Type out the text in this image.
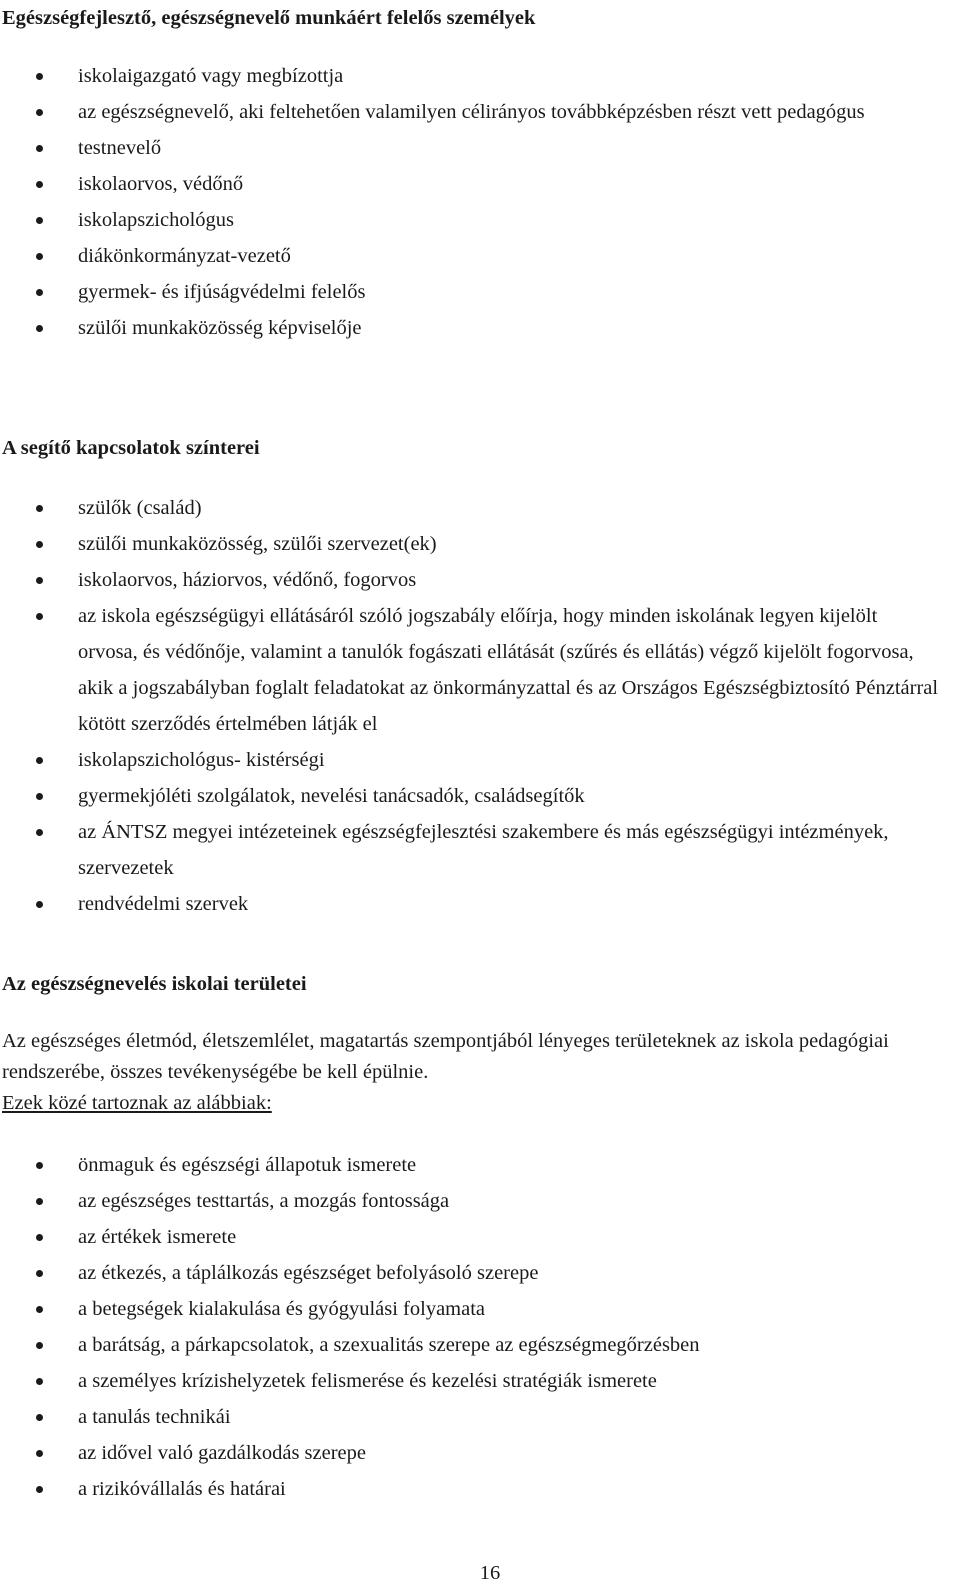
Egészségfejlesztő, egészségnevelő munkáért felelős személyek
iskolaigazgató vagy megbízottja
az egészségnevelő, aki feltehetően valamilyen célirányos továbbképzésben részt vett pedagógus
testnevelő
iskolaorvos, védőnő
iskolapszichológus
diákönkormányzat-vezető
gyermek- és ifjúságvédelmi felelős
szülői munkaközösség képviselője
A segítő kapcsolatok színterei
szülők (család)
szülői munkaközösség, szülői szervezet(ek)
iskolaorvos, háziorvos, védőnő, fogorvos
az iskola egészségügyi ellátásáról szóló jogszabály előírja, hogy minden iskolának legyen kijelölt orvosa, és védőnője, valamint a tanulók fogászati ellátását (szűrés és ellátás) végző kijelölt fogorvosa, akik a jogszabályban foglalt feladatokat az önkormányzattal és az Országos Egészségbiztosító Pénztárral kötött szerződés értelmében látják el
iskolapszichológus- kistérségi
gyermekjóléti szolgálatok, nevelési tanácsadók, családsegítők
az ÁNTSZ megyei intézeteinek egészségfejlesztési szakembere és más egészségügyi intézmények, szervezetek
rendvédelmi szervek
Az egészségnevelés iskolai területei
Az egészséges életmód, életszemlélet, magatartás szempontjából lényeges területeknek az iskola pedagógiai rendszerébe, összes tevékenységébe be kell épülnie.
Ezek közé tartoznak az alábbiak:
önmaguk és egészségi állapotuk ismerete
az egészséges testtartás, a mozgás fontossága
az értékek ismerete
az étkezés, a táplálkozás egészséget befolyásoló szerepe
a betegségek kialakulása és gyógyulási folyamata
a barátság, a párkapcsolatok, a szexualitás szerepe az egészségmegőrzésben
a személyes krízishelyzetek felismerése és kezelési stratégiák ismerete
a tanulás technikái
az idővel való gazdálkodás szerepe
a rizikóvállalás és határai
16
